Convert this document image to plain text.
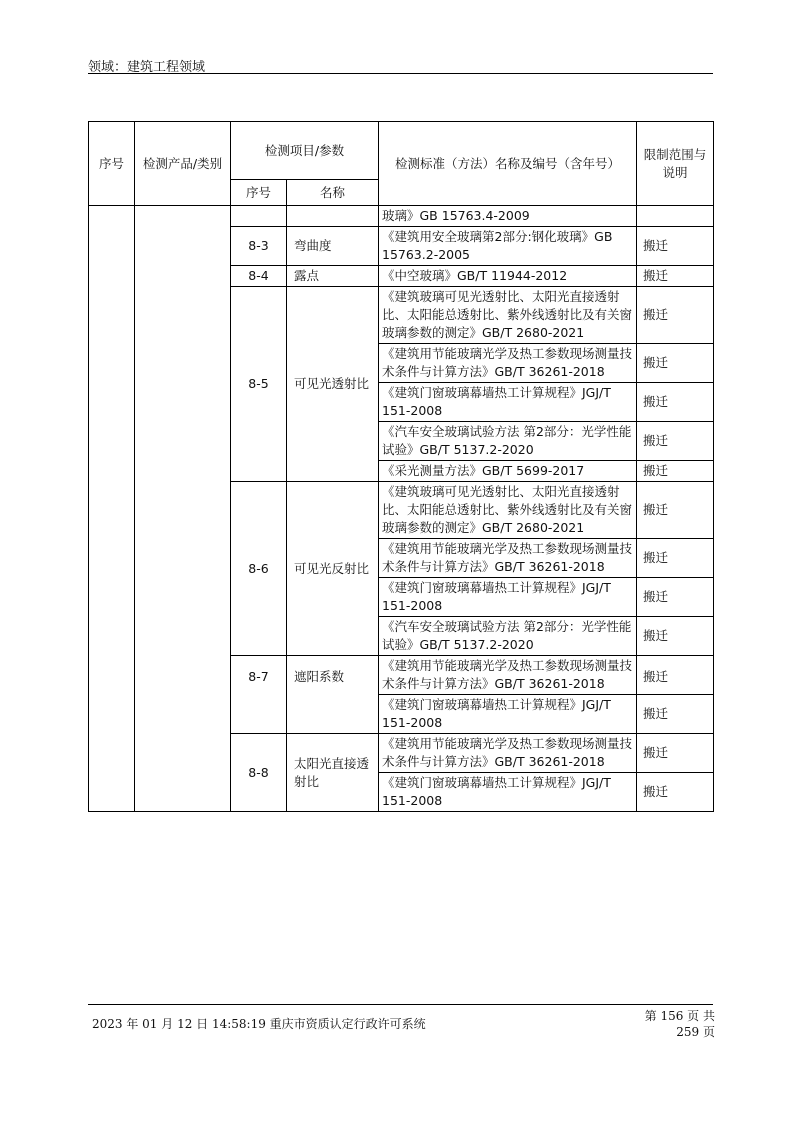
领域：建筑工程领域
序号	检测产品/类别	检测项目/参数		检测标准（方法）名称及编号（含年号）	限制范围与说明
		序号	名称		
				玻璃》GB 15763.4-2009	
		8-3	弯曲度	《建筑用安全玻璃第2部分:钢化玻璃》GB 15763.2-2005	搬迁
		8-4	露点	《中空玻璃》GB/T 11944-2012	搬迁
		8-5	可见光透射比	《建筑玻璃可见光透射比、太阳光直接透射比、太阳能总透射比、紫外线透射比及有关窗玻璃参数的测定》GB/T 2680-2021	搬迁
				《建筑用节能玻璃光学及热工参数现场测量技术条件与计算方法》GB/T 36261-2018	搬迁
				《建筑门窗玻璃幕墙热工计算规程》JGJ/T 151-2008	搬迁
				《汽车安全玻璃试验方法 第2部分：光学性能试验》GB/T 5137.2-2020	搬迁
				《采光测量方法》GB/T 5699-2017	搬迁
		8-6	可见光反射比	《建筑玻璃可见光透射比、太阳光直接透射比、太阳能总透射比、紫外线透射比及有关窗玻璃参数的测定》GB/T 2680-2021	搬迁
				《建筑用节能玻璃光学及热工参数现场测量技术条件与计算方法》GB/T 36261-2018	搬迁
				《建筑门窗玻璃幕墙热工计算规程》JGJ/T 151-2008	搬迁
				《汽车安全玻璃试验方法 第2部分：光学性能试验》GB/T 5137.2-2020	搬迁
		8-7	遮阳系数	《建筑用节能玻璃光学及热工参数现场测量技术条件与计算方法》GB/T 36261-2018	搬迁
				《建筑门窗玻璃幕墙热工计算规程》JGJ/T 151-2008	搬迁
		8-8	太阳光直接透射比	《建筑用节能玻璃光学及热工参数现场测量技术条件与计算方法》GB/T 36261-2018	搬迁
				《建筑门窗玻璃幕墙热工计算规程》JGJ/T 151-2008	搬迁
2023 年 01 月 12 日 14:58:19 重庆市资质认定行政许可系统
第 156 页 共 259 页
